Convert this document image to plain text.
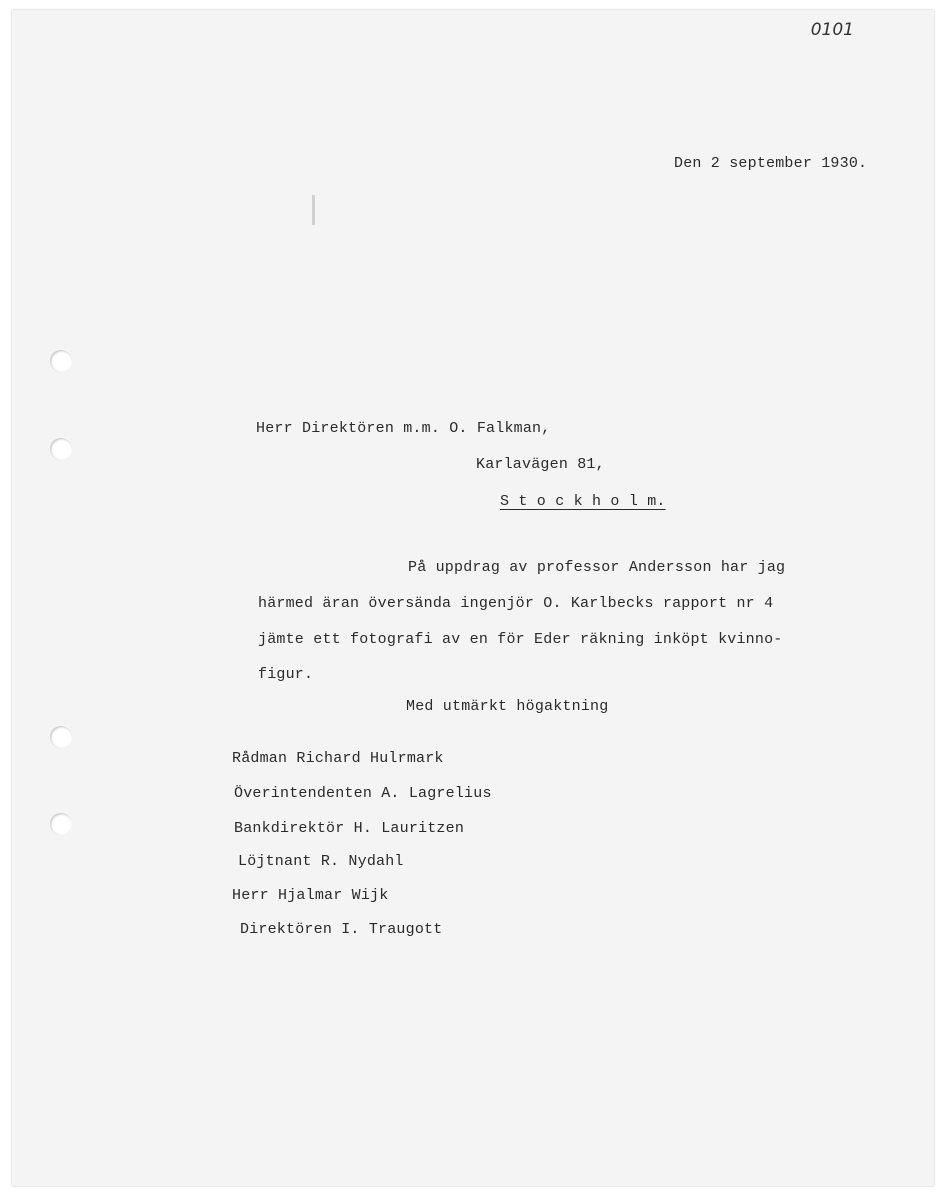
0101
Den 2 september 1930.
Herr Direktören m.m. O. Falkman,
Karlavägen 81,
S t o c k h o l m.
På uppdrag av professor Andersson har jag
härmed äran översända ingenjör O. Karlbecks rapport nr 4
jämte ett fotografi av en för Eder räkning inköpt kvinno-
figur.
Med utmärkt högaktning
Rådman Richard Hulrmark
Överintendenten A. Lagrelius
Bankdirektör H. Lauritzen
Löjtnant R. Nydahl
Herr Hjalmar Wijk
Direktören I. Traugott
